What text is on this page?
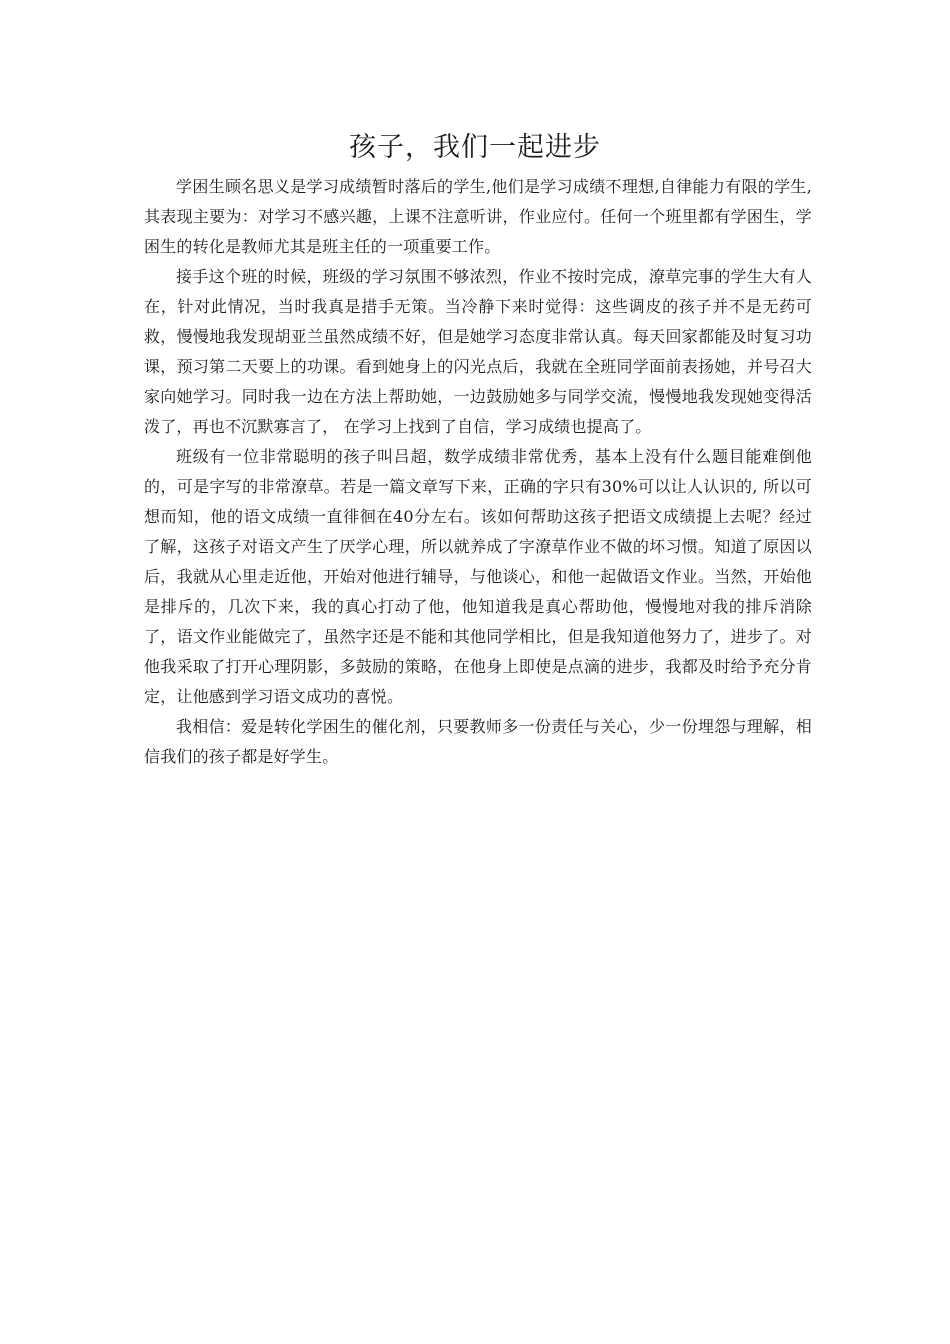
孩子，我们一起进步

学困生顾名思义是学习成绩暂时落后的学生,他们是学习成绩不理想,自律能力有限的学生,其表现主要为：对学习不感兴趣，上课不注意听讲，作业应付。任何一个班里都有学困生，学困生的转化是教师尤其是班主任的一项重要工作。

接手这个班的时候，班级的学习氛围不够浓烈，作业不按时完成，潦草完事的学生大有人在，针对此情况，当时我真是措手无策。当冷静下来时觉得：这些调皮的孩子并不是无药可救，慢慢地我发现胡亚兰虽然成绩不好，但是她学习态度非常认真。每天回家都能及时复习功课，预习第二天要上的功课。看到她身上的闪光点后，我就在全班同学面前表扬她，并号召大家向她学习。同时我一边在方法上帮助她，一边鼓励她多与同学交流，慢慢地我发现她变得活泼了，再也不沉默寡言了， 在学习上找到了自信，学习成绩也提高了。

班级有一位非常聪明的孩子叫吕超，数学成绩非常优秀，基本上没有什么题目能难倒他的，可是字写的非常潦草。若是一篇文章写下来，正确的字只有30%可以让人认识的, 所以可想而知，他的语文成绩一直徘徊在40分左右。该如何帮助这孩子把语文成绩提上去呢？经过了解，这孩子对语文产生了厌学心理，所以就养成了字潦草作业不做的坏习惯。知道了原因以后，我就从心里走近他，开始对他进行辅导，与他谈心，和他一起做语文作业。当然，开始他是排斥的，几次下来，我的真心打动了他，他知道我是真心帮助他，慢慢地对我的排斥消除了，语文作业能做完了，虽然字还是不能和其他同学相比，但是我知道他努力了，进步了。对他我采取了打开心理阴影，多鼓励的策略，在他身上即使是点滴的进步，我都及时给予充分肯定，让他感到学习语文成功的喜悦。

我相信：爱是转化学困生的催化剂，只要教师多一份责任与关心，少一份埋怨与理解，相信我们的孩子都是好学生。
